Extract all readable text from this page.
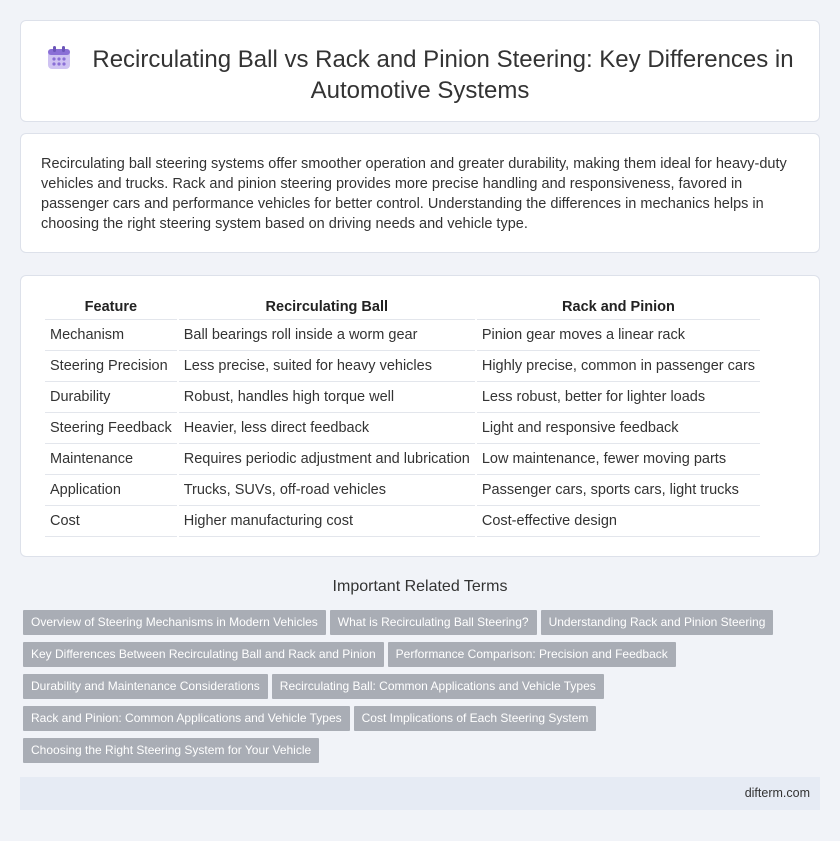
Recirculating Ball vs Rack and Pinion Steering: Key Differences in Automotive Systems

Recirculating ball steering systems offer smoother operation and greater durability, making them ideal for heavy-duty vehicles and trucks. Rack and pinion steering provides more precise handling and responsiveness, favored in passenger cars and performance vehicles for better control. Understanding the differences in mechanics helps in choosing the right steering system based on driving needs and vehicle type.

Feature	Recirculating Ball	Rack and Pinion
Mechanism	Ball bearings roll inside a worm gear	Pinion gear moves a linear rack
Steering Precision	Less precise, suited for heavy vehicles	Highly precise, common in passenger cars
Durability	Robust, handles high torque well	Less robust, better for lighter loads
Steering Feedback	Heavier, less direct feedback	Light and responsive feedback
Maintenance	Requires periodic adjustment and lubrication	Low maintenance, fewer moving parts
Application	Trucks, SUVs, off-road vehicles	Passenger cars, sports cars, light trucks
Cost	Higher manufacturing cost	Cost-effective design
Important Related Terms
Overview of Steering Mechanisms in Modern Vehicles What is Recirculating Ball Steering? Understanding Rack and Pinion Steering
Key Differences Between Recirculating Ball and Rack and Pinion Performance Comparison: Precision and Feedback
Durability and Maintenance Considerations Recirculating Ball: Common Applications and Vehicle Types
Rack and Pinion: Common Applications and Vehicle Types Cost Implications of Each Steering System
Choosing the Right Steering System for Your Vehicle
difterm.com
